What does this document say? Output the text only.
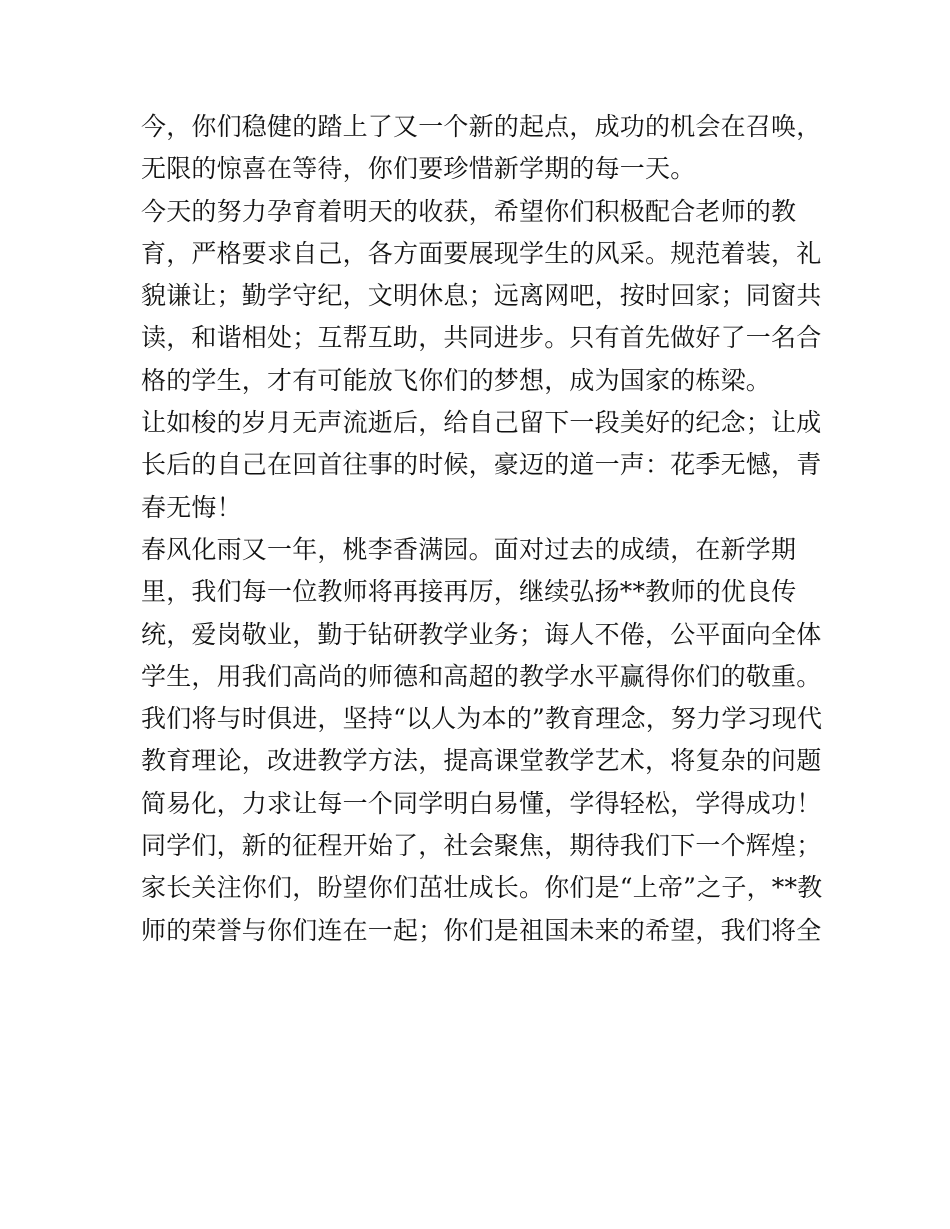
今，你们稳健的踏上了又一个新的起点，成功的机会在召唤，
无限的惊喜在等待，你们要珍惜新学期的每一天。
今天的努力孕育着明天的收获，希望你们积极配合老师的教
育，严格要求自己，各方面要展现学生的风采。规范着装，礼
貌谦让；勤学守纪，文明休息；远离网吧，按时回家；同窗共
读，和谐相处；互帮互助，共同进步。只有首先做好了一名合
格的学生，才有可能放飞你们的梦想，成为国家的栋梁。
让如梭的岁月无声流逝后，给自己留下一段美好的纪念；让成
长后的自己在回首往事的时候，豪迈的道一声：花季无憾，青
春无悔！
春风化雨又一年，桃李香满园。面对过去的成绩，在新学期
里，我们每一位教师将再接再厉，继续弘扬**教师的优良传
统，爱岗敬业，勤于钻研教学业务；诲人不倦，公平面向全体
学生，用我们高尚的师德和高超的教学水平赢得你们的敬重。
我们将与时俱进，坚持“以人为本的”教育理念，努力学习现代
教育理论，改进教学方法，提高课堂教学艺术，将复杂的问题
简易化，力求让每一个同学明白易懂，学得轻松，学得成功！
同学们，新的征程开始了，社会聚焦，期待我们下一个辉煌；
家长关注你们，盼望你们茁壮成长。你们是“上帝”之子，**教
师的荣誉与你们连在一起；你们是祖国未来的希望，我们将全
